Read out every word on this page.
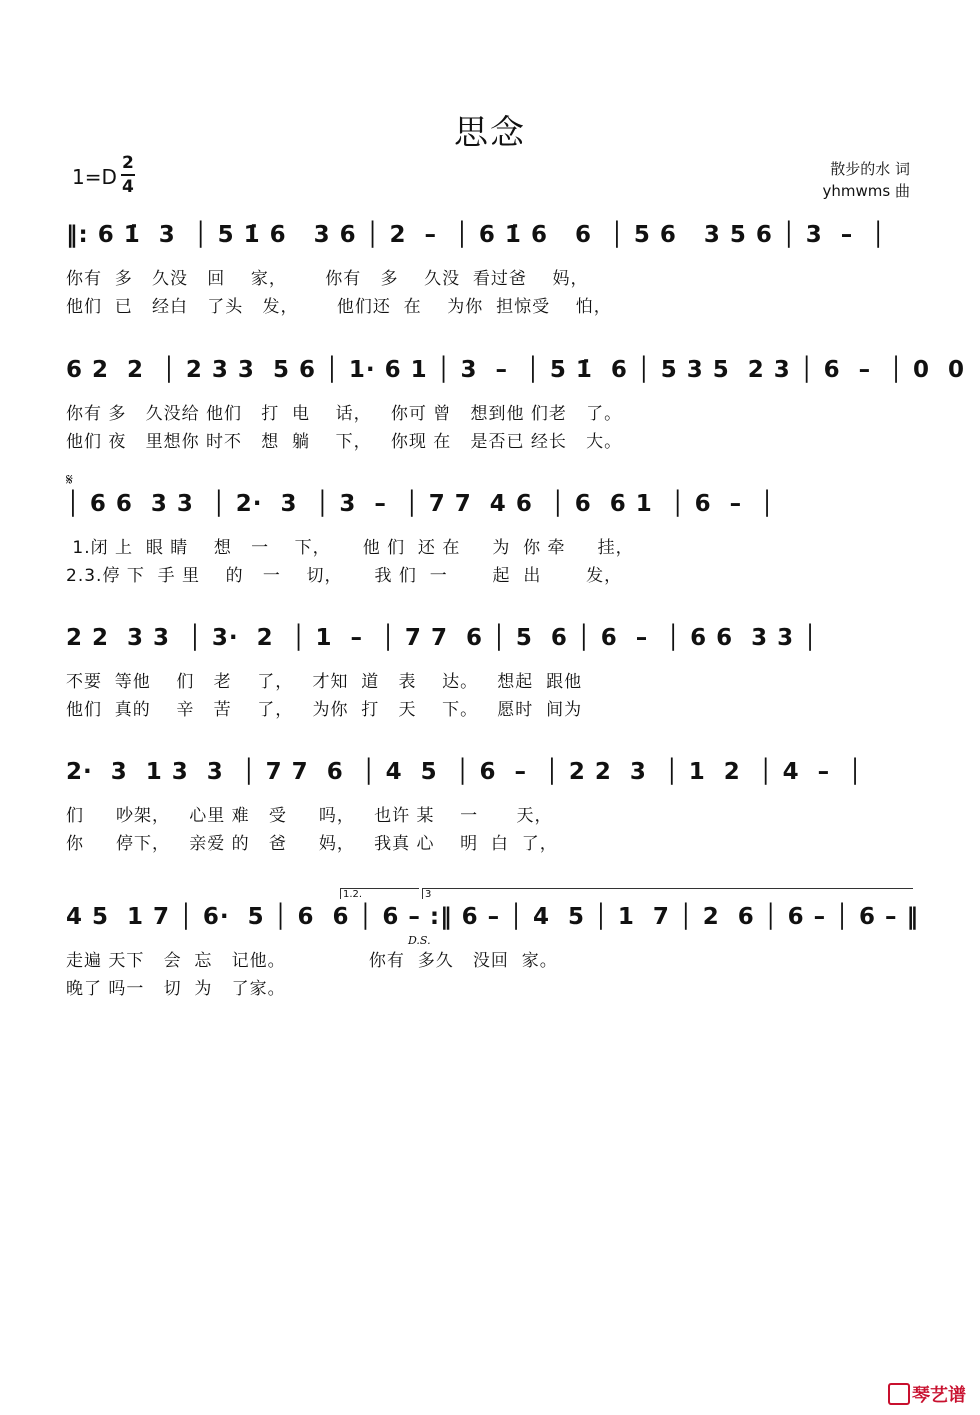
思念
1=D
2
4
散步的水 词
yhmwms 曲
‖: 6 1̇  3  │ 5 1̇ 6   3 6 │ 2  –  │ 6 1̇ 6   6  │ 5 6   3 5 6 │ 3  –  │
你有  多   久没   回    家，      你有   多    久没  看过爸    妈，
他们  已   经白   了头   发，      他们还  在    为你  担惊受    怕，
6 2  2  │ 2 3 3  5 6 │ 1· 6 1 │ 3  –  │ 5 1̇  6 │ 5 3 5  2 3 │ 6  –  │ 0  0
你有 多   久没给 他们   打  电    话，   你可 曾   想到他 们老   了。
他们 夜   里想你 时不   想  躺    下，   你现 在   是否已 经长   大。
𝄋
│ 6 6  3 3  │ 2·  3  │ 3  –  │ 7 7  4 6  │ 6  6 1  │ 6  –  │
1.闭 上  眼 睛    想   一    下，     他 们  还 在     为  你 牵     挂，
2.3.停 下  手 里    的   一    切，     我 们  一       起  出       发，
2 2  3 3  │ 3·  2  │ 1  –  │ 7 7  6 │ 5  6 │ 6  –  │ 6 6  3 3 │
不要  等他    们   老    了，   才知  道   表    达。   想起  跟他
他们  真的    辛   苦    了，   为你  打   天    下。   愿时  间为
2·  3  1 3  3  │ 7 7  6  │ 4  5  │ 6  –  │ 2 2  3  │ 1  2  │ 4  –  │
们     吵架，   心里 难   受     吗，   也许 某    一      天，
你     停下，   亲爱 的   爸     妈，   我真 心    明  白  了，
1.2.	3
4 5  1 7 │ 6·  5 │ 6  6 │ 6 – :‖ 6 – │ 4  5 │ 1  7 │ 2  6 │ 6 – │ 6 – ‖
走遍 天下   会  忘   记他。             你有  多久   没回  家。
晚了 吗一   切  为   了家。
D.S.
琴艺谱
